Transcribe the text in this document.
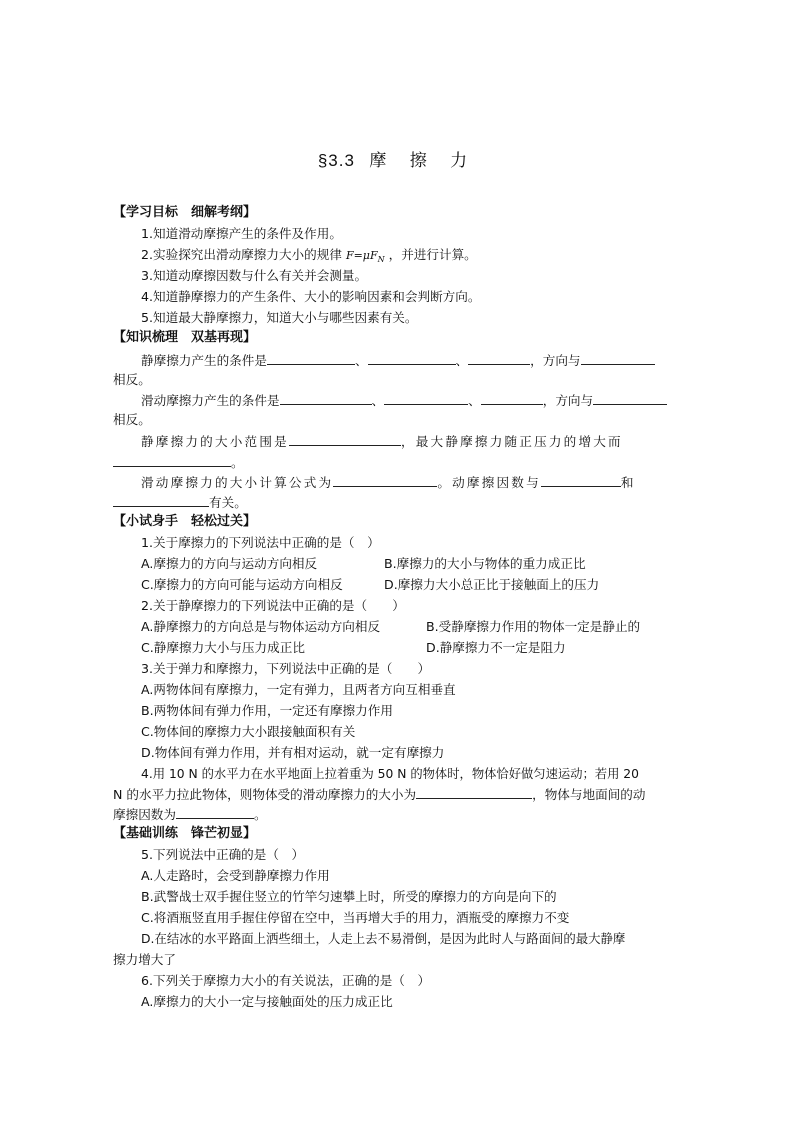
§3.3 摩 擦 力
【学习目标　细解考纲】
1.知道滑动摩擦产生的条件及作用。
2.实验探究出滑动摩擦力大小的规律 $F=\mu F_N$ ，并进行计算。
3.知道动摩擦因数与什么有关并会测量。
4.知道静摩擦力的产生条件、大小的影响因素和会判断方向。
5.知道最大静摩擦力，知道大小与哪些因素有关。
【知识梳理　双基再现】
静摩擦力产生的条件是	、	、	，方向与
相反。
滑动摩擦力产生的条件是	、	、	，方向与
相反。
静摩擦力的大小范围是	，最大静摩擦力随正压力的增大而
。
滑动摩擦力的大小计算公式为	。动摩擦因数与	和
有关。
【小试身手　轻松过关】
1.关于摩擦力的下列说法中正确的是（　）
A.摩擦力的方向与运动方向相反	B.摩擦力的大小与物体的重力成正比
C.摩擦力的方向可能与运动方向相反	D.摩擦力大小总正比于接触面上的压力
2.关于静摩擦力的下列说法中正确的是（　　）
A.静摩擦力的方向总是与物体运动方向相反	B.受静摩擦力作用的物体一定是静止的
C.静摩擦力大小与压力成正比	D.静摩擦力不一定是阻力
3.关于弹力和摩擦力，下列说法中正确的是（　　）
A.两物体间有摩擦力，一定有弹力，且两者方向互相垂直
B.两物体间有弹力作用，一定还有摩擦力作用
C.物体间的摩擦力大小跟接触面积有关
D.物体间有弹力作用，并有相对运动，就一定有摩擦力
4.用 10 N 的水平力在水平地面上拉着重为 50 N 的物体时，物体恰好做匀速运动；若用 20
N 的水平力拉此物体，则物体受的滑动摩擦力的大小为	，物体与地面间的动
摩擦因数为	。
【基础训练　锋芒初显】
5.下列说法中正确的是（　）
A.人走路时，会受到静摩擦力作用
B.武警战士双手握住竖立的竹竿匀速攀上时，所受的摩擦力的方向是向下的
C.将酒瓶竖直用手握住停留在空中，当再增大手的用力，酒瓶受的摩擦力不变
D.在结冰的水平路面上洒些细土，人走上去不易滑倒，是因为此时人与路面间的最大静摩
擦力增大了
6.下列关于摩擦力大小的有关说法，正确的是（　）
A.摩擦力的大小一定与接触面处的压力成正比
